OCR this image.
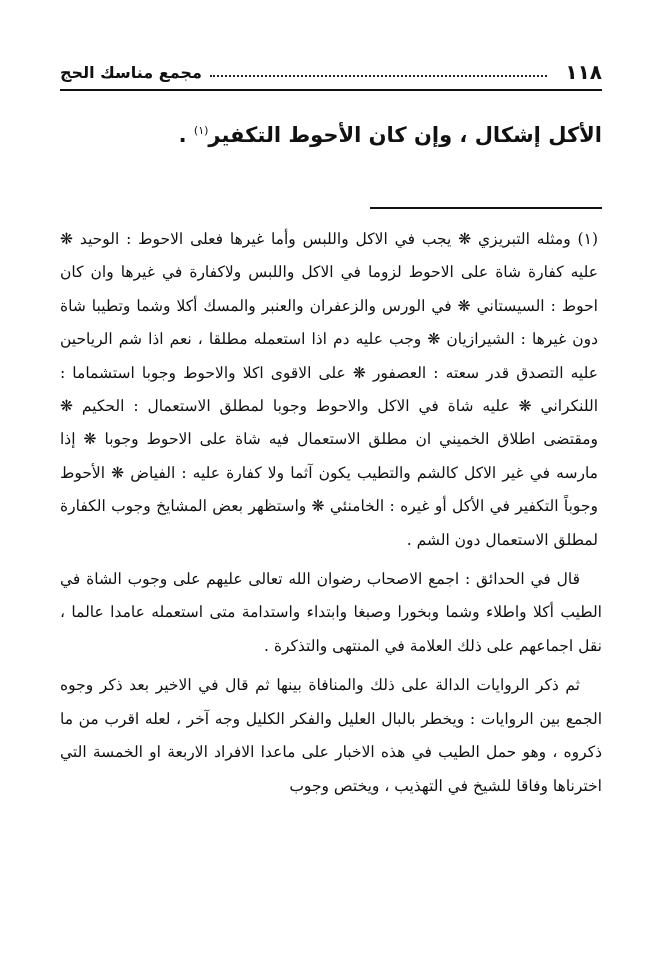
١١٨
مجمع مناسك الحج
الأكل إشكال ، وإن كان الأحوط التكفير$^{(١)}$ .

(١) ومثله التبريزي ❋ يجب في الاكل واللبس وأما غيرها فعلى الاحوط : الوحيد ❋ عليه كفارة شاة على الاحوط لزوما في الاكل واللبس ولاكفارة في غيرها وان كان احوط : السيستاني ❋ في الورس والزعفران والعنبر والمسك أكلا وشما وتطيبا شاة دون غيرها : الشيرازيان ❋ وجب عليه دم اذا استعمله مطلقا ، نعم اذا شم الرياحين عليه التصدق قدر سعته : العصفور ❋ على الاقوى اكلا والاحوط وجوبا استشماما : اللنكراني ❋ عليه شاة في الاكل والاحوط وجوبا لمطلق الاستعمال : الحكيم ❋ ومقتضى اطلاق الخميني ان مطلق الاستعمال فيه شاة على الاحوط وجوبا ❋ إذا مارسه في غير الاكل كالشم والتطيب يكون آثما ولا كفارة عليه : الفياض ❋ الأحوط وجوباً التكفير في الأكل أو غيره : الخامنئي ❋ واستظهر بعض المشايخ وجوب الكفارة لمطلق الاستعمال دون الشم .

قال في الحدائق : اجمع الاصحاب رضوان الله تعالى عليهم على وجوب الشاة في الطيب أكلا واطلاء وشما وبخورا وصبغا وابتداء واستدامة متى استعمله عامدا عالما ، نقل اجماعهم على ذلك العلامة في المنتهى والتذكرة .

ثم ذكر الروايات الدالة على ذلك والمنافاة بينها ثم قال في الاخير بعد ذكر وجوه الجمع بين الروايات : ويخطر بالبال العليل والفكر الكليل وجه آخر ، لعله اقرب من ما ذكروه ، وهو حمل الطيب في هذه الاخبار على ماعدا الافراد الاربعة او الخمسة التي اخترناها وفاقا للشيخ في التهذيب ، ويختص وجوب
